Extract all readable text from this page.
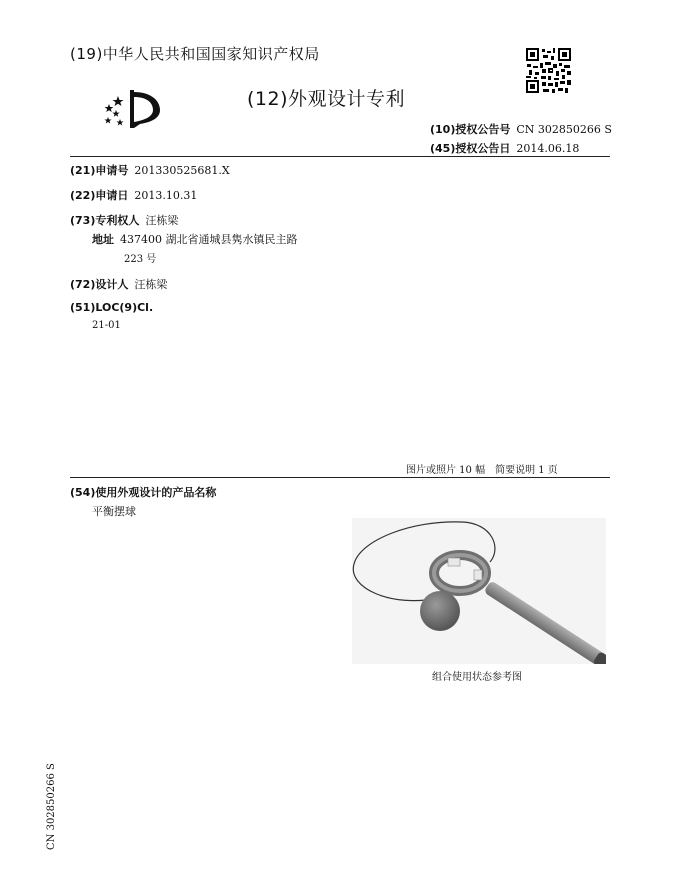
(19)中华人民共和国国家知识产权局
(12)外观设计专利
(10)授权公告号 CN 302850266 S
(45)授权公告日 2014.06.18
(21)申请号 201330525681.X
(22)申请日 2013.10.31
(73)专利权人 汪栋梁
地址 437400 湖北省通城县隽水镇民主路
223 号
(72)设计人 汪栋梁
(51)LOC(9)Cl.
21-01
图片或照片 10 幅　简要说明 1 页
(54)使用外观设计的产品名称
平衡摆球
组合使用状态参考图
CN 302850266 S
